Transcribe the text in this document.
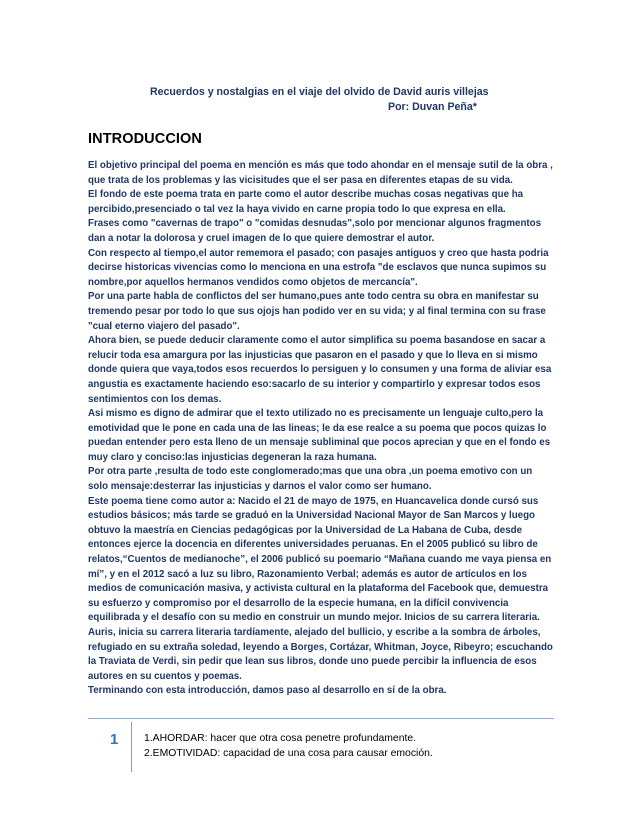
Recuerdos y nostalgias en el viaje del olvido de David auris villejas
Por: Duvan Peña*
INTRODUCCION

El objetivo principal del poema en mención es más que todo ahondar en el mensaje sutil de la obra , que trata de los problemas y las vicisitudes que el ser pasa en diferentes etapas de su vida.

El fondo de este poema trata en parte como el autor describe muchas cosas negativas que ha percibido,presenciado o tal vez la haya vivido en carne propia todo lo que expresa en ella.

Frases como "cavernas de trapo" o "comidas desnudas",solo por mencionar algunos fragmentos dan a notar la dolorosa y cruel imagen de lo que quiere demostrar el autor.

Con respecto al tiempo,el autor rememora el pasado; con pasajes antiguos y creo que hasta podria decirse historicas vivencias como lo menciona en una estrofa "de esclavos que nunca supimos su nombre,por aquellos hermanos vendidos como objetos de mercancía".

Por una parte habla de conflictos del ser humano,pues ante todo centra su obra en manifestar su tremendo pesar por todo lo que sus ojojs han podido ver en su vida; y al final termina con su frase "cual eterno viajero del pasado".

Ahora bien, se puede deducir claramente como el autor simplifica su poema basandose en sacar a relucir toda esa amargura por las injusticias que pasaron en el pasado y que lo lleva en si mismo donde quiera que vaya,todos esos recuerdos lo persiguen y lo consumen y una forma de aliviar esa angustia es exactamente haciendo eso:sacarlo de su interior y compartirlo y expresar todos esos sentimientos con los demas.

Asi mismo es digno de admirar que el texto utilizado no es precisamente un lenguaje culto,pero la emotividad que le pone en cada una de las lineas; le da ese realce a su poema que pocos quizas lo puedan entender pero esta lleno de un mensaje subliminal que pocos aprecian y que en el fondo es muy claro y conciso:las injusticias degeneran la raza humana.

Por otra parte ,resulta de todo este conglomerado;mas que una obra ,un poema emotivo con un solo mensaje:desterrar las injusticias y darnos el valor como ser humano.

Este poema tiene como autor a: Nacido el 21 de mayo de 1975, en Huancavelica donde cursó sus estudios básicos; más tarde se graduó en la Universidad Nacional Mayor de San Marcos y luego obtuvo la maestría en Ciencias pedagógicas por la Universidad de La Habana de Cuba, desde entonces ejerce la docencia en diferentes universidades peruanas. En el 2005 publicó su libro de relatos,“Cuentos de medianoche”, el 2006 publicó su poemario “Mañana cuando me vaya piensa en mí”, y en el 2012 sacó a luz su libro, Razonamiento Verbal; además es autor de artículos en los medios de comunicación masiva, y activista cultural en la plataforma del Facebook que, demuestra su esfuerzo y compromiso por el desarrollo de la especie humana, en la difícil convivencia equilibrada y el desafío con su medio en construir un mundo mejor. Inicios de su carrera literaria.

Auris, inicia su carrera literaria tardíamente, alejado del bullicio, y escribe a la sombra de árboles, refugiado en su extraña soledad, leyendo a Borges, Cortázar, Whitman, Joyce, Ribeyro; escuchando la Traviata de Verdi, sin pedir que lean sus libros, donde uno puede percibir la influencia de esos autores en su cuentos y poemas.

Terminando con esta introducción, damos paso al desarrollo en sí de la obra.

1 1.AHORDAR: hacer que otra cosa penetre profundamente.
2.EMOTIVIDAD: capacidad de una cosa para causar emoción.
